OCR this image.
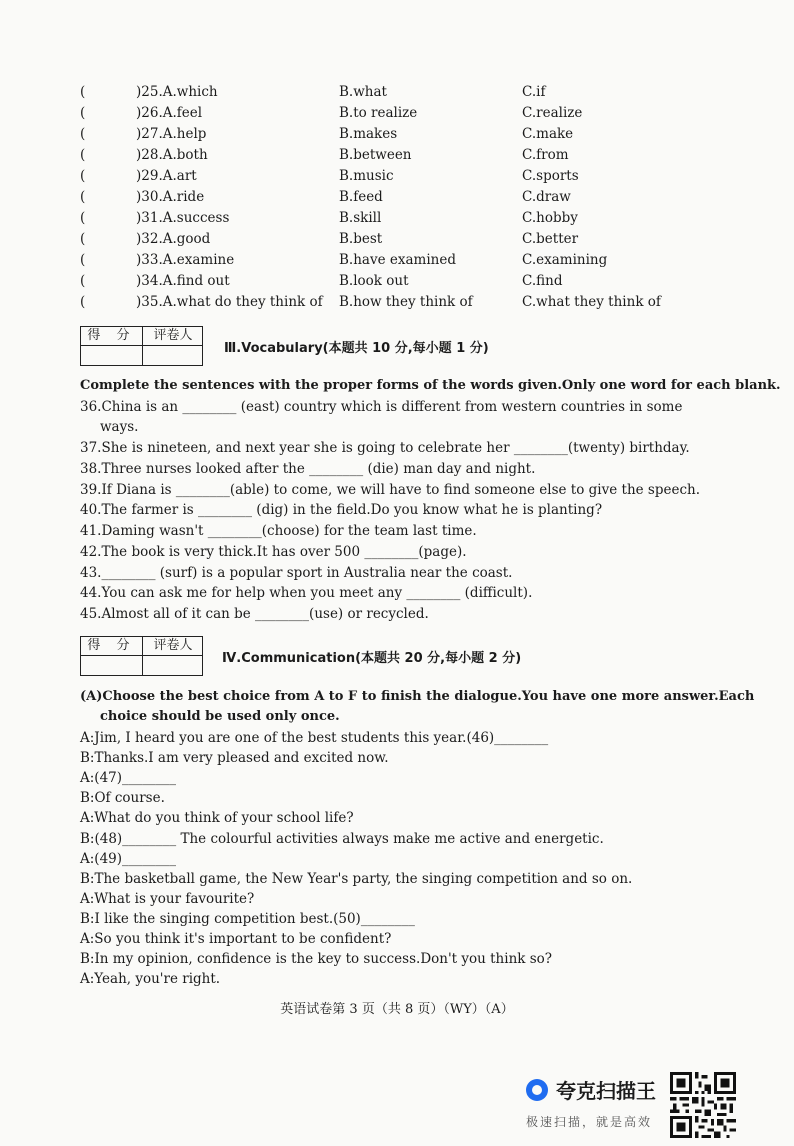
(	)25.A.which	B.what	C.if
(	)26.A.feel	B.to realize	C.realize
(	)27.A.help	B.makes	C.make
(	)28.A.both	B.between	C.from
(	)29.A.art	B.music	C.sports
(	)30.A.ride	B.feed	C.draw
(	)31.A.success	B.skill	C.hobby
(	)32.A.good	B.best	C.better
(	)33.A.examine	B.have examined	C.examining
(	)34.A.find out	B.look out	C.find
(	)35.A.what do they think of B.how they think of	C.what they think of
得 分	评卷人
Ⅲ.Vocabulary(本题共 10 分,每小题 1 分)
Complete the sentences with the proper forms of the words given.Only one word for each blank.
36.China is an ________ (east) country which is different from western countries in some
ways.
37.She is nineteen, and next year she is going to celebrate her ________(twenty) birthday.
38.Three nurses looked after the ________ (die) man day and night.
39.If Diana is ________(able) to come, we will have to find someone else to give the speech.
40.The farmer is ________ (dig) in the field.Do you know what he is planting?
41.Daming wasn't ________(choose) for the team last time.
42.The book is very thick.It has over 500 ________(page).
43.________ (surf) is a popular sport in Australia near the coast.
44.You can ask me for help when you meet any ________ (difficult).
45.Almost all of it can be ________(use) or recycled.
得 分	评卷人
Ⅳ.Communication(本题共 20 分,每小题 2 分)
(A)Choose the best choice from A to F to finish the dialogue.You have one more answer.Each
choice should be used only once.
A:Jim, I heard you are one of the best students this year.(46)________
B:Thanks.I am very pleased and excited now.
A:(47)________
B:Of course.
A:What do you think of your school life?
B:(48)________ The colourful activities always make me active and energetic.
A:(49)________
B:The basketball game, the New Year's party, the singing competition and so on.
A:What is your favourite?
B:I like the singing competition best.(50)________
A:So you think it's important to be confident?
B:In my opinion, confidence is the key to success.Don't you think so?
A:Yeah, you're right.
英语试卷第 3 页（共 8 页）（WY）（A）
夸克扫描王
极速扫描，就是高效
